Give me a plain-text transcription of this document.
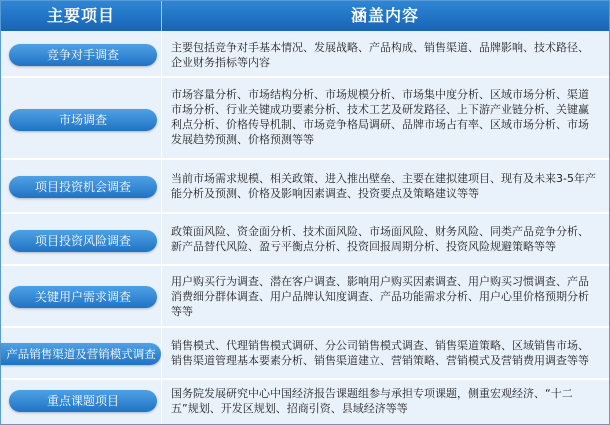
主要项目	涵盖内容
竞争对手调查
主要包括竞争对手基本情况、发展战略、产品构成、销售渠道、品牌影响、技术路径、企业财务指标等内容
市场调查
市场容量分析、市场结构分析、市场规模分析、市场集中度分析、区域市场分析、渠道市场分析、行业关键成功要素分析、技术工艺及研发路径、上下游产业链分析、关键赢利点分析、价格传导机制、市场竞争格局调研、品牌市场占有率、区域市场分析、市场发展趋势预测、价格预测等等
项目投资机会调查
当前市场需求规模、相关政策、进入推出壁垒、主要在建拟建项目、现有及未来3-5年产能分析及预测、价格及影响因素调查、投资要点及策略建议等等
项目投资风险调查
政策面风险、资金面分析、技术面风险、市场面风险、财务风险、同类产品竞争分析、新产品替代风险、盈亏平衡点分析、投资回报周期分析、投资风险规避策略等等
关键用户需求调查
用户购买行为调查、潜在客户调查、影响用户购买因素调查、用户购买习惯调查、产品消费细分群体调查、用户品牌认知度调查、产品功能需求分析、用户心里价格预期分析等等
产品销售渠道及营销模式调查
销售模式、代理销售模式调研、分公司销售模式调查、销售渠道策略、区域销售市场、销售渠道管理基本要素分析、销售渠道建立、营销策略、营销模式及营销费用调查等等
重点课题项目
国务院发展研究中心中国经济报告课题组参与承担专项课题，侧重宏观经济、“十二五”规划、开发区规划、招商引资、县域经济等等
